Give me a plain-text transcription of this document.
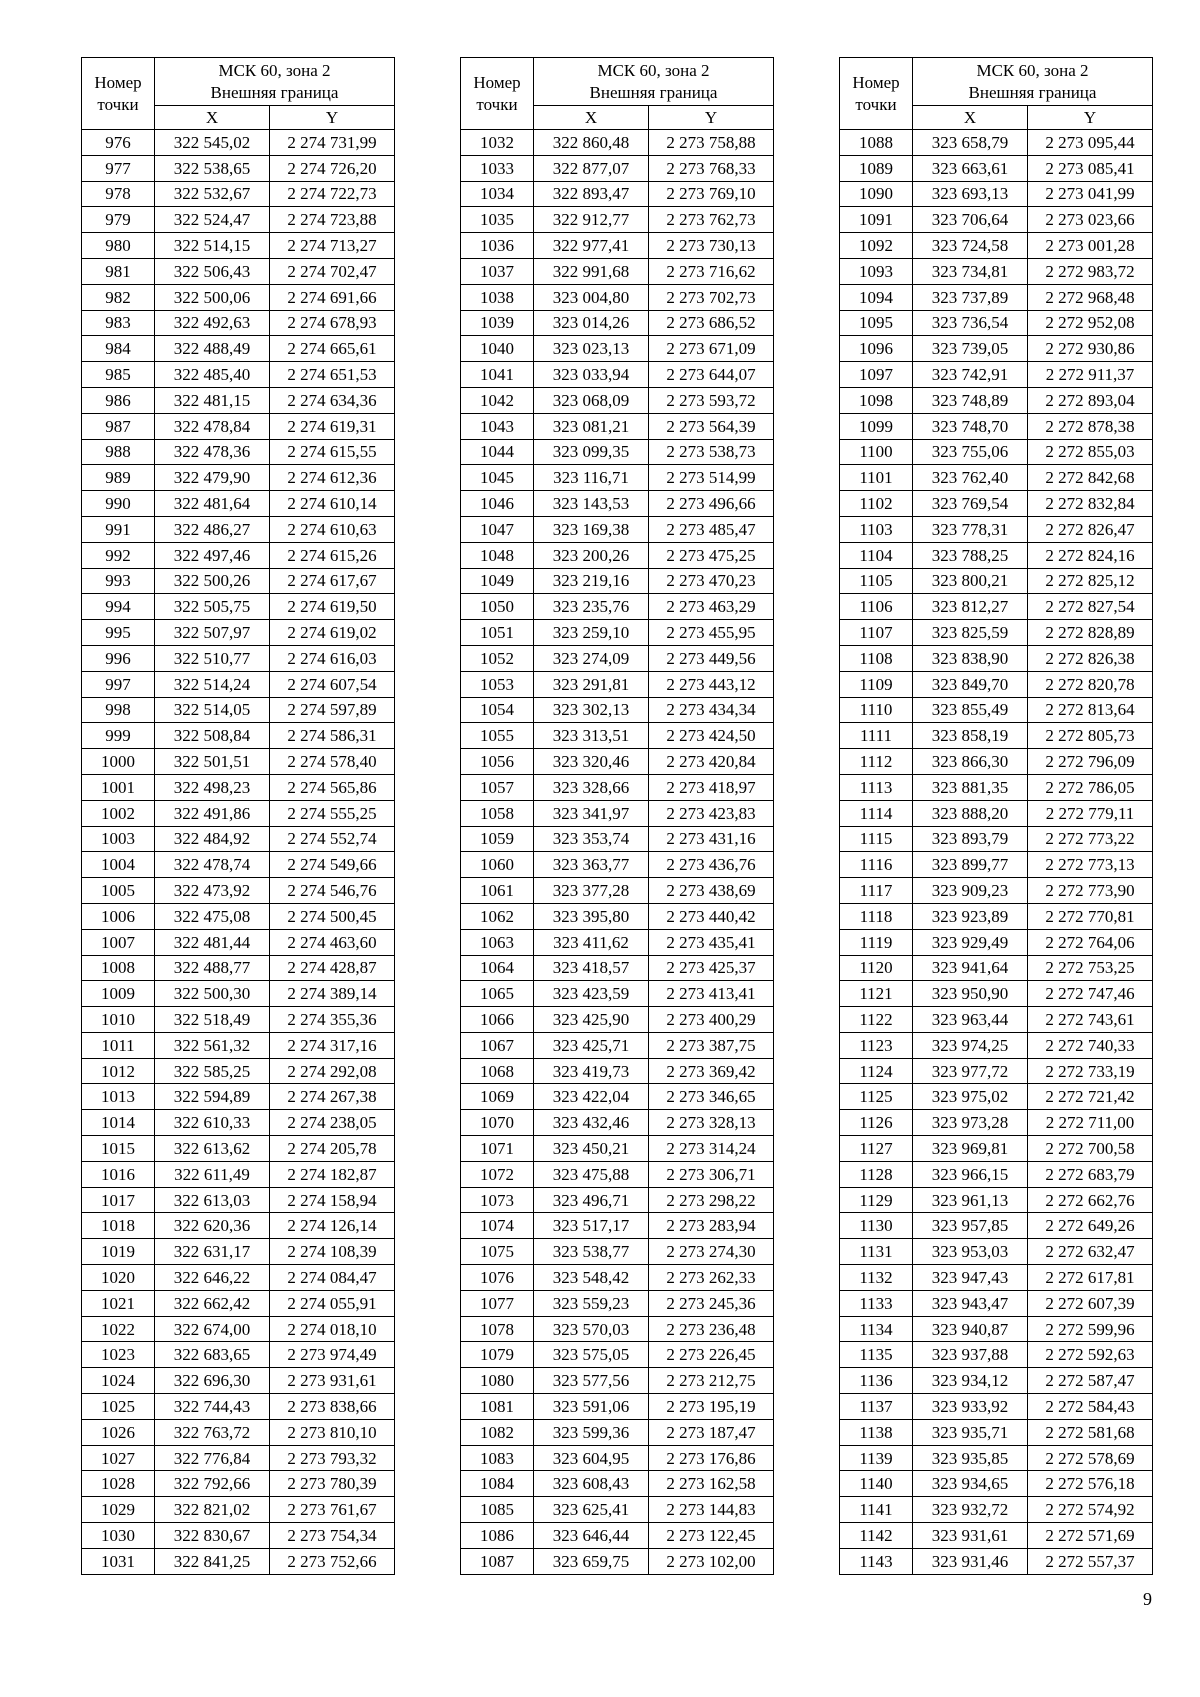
Номер
точки	МСК 60, зона 2
Внешняя граница	

	X	Y
976	322 545,02	2 274 731,99
977	322 538,65	2 274 726,20
978	322 532,67	2 274 722,73
979	322 524,47	2 274 723,88
980	322 514,15	2 274 713,27
981	322 506,43	2 274 702,47
982	322 500,06	2 274 691,66
983	322 492,63	2 274 678,93
984	322 488,49	2 274 665,61
985	322 485,40	2 274 651,53
986	322 481,15	2 274 634,36
987	322 478,84	2 274 619,31
988	322 478,36	2 274 615,55
989	322 479,90	2 274 612,36
990	322 481,64	2 274 610,14
991	322 486,27	2 274 610,63
992	322 497,46	2 274 615,26
993	322 500,26	2 274 617,67
994	322 505,75	2 274 619,50
995	322 507,97	2 274 619,02
996	322 510,77	2 274 616,03
997	322 514,24	2 274 607,54
998	322 514,05	2 274 597,89
999	322 508,84	2 274 586,31
1000	322 501,51	2 274 578,40
1001	322 498,23	2 274 565,86
1002	322 491,86	2 274 555,25
1003	322 484,92	2 274 552,74
1004	322 478,74	2 274 549,66
1005	322 473,92	2 274 546,76
1006	322 475,08	2 274 500,45
1007	322 481,44	2 274 463,60
1008	322 488,77	2 274 428,87
1009	322 500,30	2 274 389,14
1010	322 518,49	2 274 355,36
1011	322 561,32	2 274 317,16
1012	322 585,25	2 274 292,08
1013	322 594,89	2 274 267,38
1014	322 610,33	2 274 238,05
1015	322 613,62	2 274 205,78
1016	322 611,49	2 274 182,87
1017	322 613,03	2 274 158,94
1018	322 620,36	2 274 126,14
1019	322 631,17	2 274 108,39
1020	322 646,22	2 274 084,47
1021	322 662,42	2 274 055,91
1022	322 674,00	2 274 018,10
1023	322 683,65	2 273 974,49
1024	322 696,30	2 273 931,61
1025	322 744,43	2 273 838,66
1026	322 763,72	2 273 810,10
1027	322 776,84	2 273 793,32
1028	322 792,66	2 273 780,39
1029	322 821,02	2 273 761,67
1030	322 830,67	2 273 754,34
1031	322 841,25	2 273 752,66
Номер
точки	МСК 60, зона 2
Внешняя граница	

	X	Y
1032	322 860,48	2 273 758,88
1033	322 877,07	2 273 768,33
1034	322 893,47	2 273 769,10
1035	322 912,77	2 273 762,73
1036	322 977,41	2 273 730,13
1037	322 991,68	2 273 716,62
1038	323 004,80	2 273 702,73
1039	323 014,26	2 273 686,52
1040	323 023,13	2 273 671,09
1041	323 033,94	2 273 644,07
1042	323 068,09	2 273 593,72
1043	323 081,21	2 273 564,39
1044	323 099,35	2 273 538,73
1045	323 116,71	2 273 514,99
1046	323 143,53	2 273 496,66
1047	323 169,38	2 273 485,47
1048	323 200,26	2 273 475,25
1049	323 219,16	2 273 470,23
1050	323 235,76	2 273 463,29
1051	323 259,10	2 273 455,95
1052	323 274,09	2 273 449,56
1053	323 291,81	2 273 443,12
1054	323 302,13	2 273 434,34
1055	323 313,51	2 273 424,50
1056	323 320,46	2 273 420,84
1057	323 328,66	2 273 418,97
1058	323 341,97	2 273 423,83
1059	323 353,74	2 273 431,16
1060	323 363,77	2 273 436,76
1061	323 377,28	2 273 438,69
1062	323 395,80	2 273 440,42
1063	323 411,62	2 273 435,41
1064	323 418,57	2 273 425,37
1065	323 423,59	2 273 413,41
1066	323 425,90	2 273 400,29
1067	323 425,71	2 273 387,75
1068	323 419,73	2 273 369,42
1069	323 422,04	2 273 346,65
1070	323 432,46	2 273 328,13
1071	323 450,21	2 273 314,24
1072	323 475,88	2 273 306,71
1073	323 496,71	2 273 298,22
1074	323 517,17	2 273 283,94
1075	323 538,77	2 273 274,30
1076	323 548,42	2 273 262,33
1077	323 559,23	2 273 245,36
1078	323 570,03	2 273 236,48
1079	323 575,05	2 273 226,45
1080	323 577,56	2 273 212,75
1081	323 591,06	2 273 195,19
1082	323 599,36	2 273 187,47
1083	323 604,95	2 273 176,86
1084	323 608,43	2 273 162,58
1085	323 625,41	2 273 144,83
1086	323 646,44	2 273 122,45
1087	323 659,75	2 273 102,00
Номер
точки	МСК 60, зона 2
Внешняя граница	

	X	Y
1088	323 658,79	2 273 095,44
1089	323 663,61	2 273 085,41
1090	323 693,13	2 273 041,99
1091	323 706,64	2 273 023,66
1092	323 724,58	2 273 001,28
1093	323 734,81	2 272 983,72
1094	323 737,89	2 272 968,48
1095	323 736,54	2 272 952,08
1096	323 739,05	2 272 930,86
1097	323 742,91	2 272 911,37
1098	323 748,89	2 272 893,04
1099	323 748,70	2 272 878,38
1100	323 755,06	2 272 855,03
1101	323 762,40	2 272 842,68
1102	323 769,54	2 272 832,84
1103	323 778,31	2 272 826,47
1104	323 788,25	2 272 824,16
1105	323 800,21	2 272 825,12
1106	323 812,27	2 272 827,54
1107	323 825,59	2 272 828,89
1108	323 838,90	2 272 826,38
1109	323 849,70	2 272 820,78
1110	323 855,49	2 272 813,64
1111	323 858,19	2 272 805,73
1112	323 866,30	2 272 796,09
1113	323 881,35	2 272 786,05
1114	323 888,20	2 272 779,11
1115	323 893,79	2 272 773,22
1116	323 899,77	2 272 773,13
1117	323 909,23	2 272 773,90
1118	323 923,89	2 272 770,81
1119	323 929,49	2 272 764,06
1120	323 941,64	2 272 753,25
1121	323 950,90	2 272 747,46
1122	323 963,44	2 272 743,61
1123	323 974,25	2 272 740,33
1124	323 977,72	2 272 733,19
1125	323 975,02	2 272 721,42
1126	323 973,28	2 272 711,00
1127	323 969,81	2 272 700,58
1128	323 966,15	2 272 683,79
1129	323 961,13	2 272 662,76
1130	323 957,85	2 272 649,26
1131	323 953,03	2 272 632,47
1132	323 947,43	2 272 617,81
1133	323 943,47	2 272 607,39
1134	323 940,87	2 272 599,96
1135	323 937,88	2 272 592,63
1136	323 934,12	2 272 587,47
1137	323 933,92	2 272 584,43
1138	323 935,71	2 272 581,68
1139	323 935,85	2 272 578,69
1140	323 934,65	2 272 576,18
1141	323 932,72	2 272 574,92
1142	323 931,61	2 272 571,69
1143	323 931,46	2 272 557,37
9
